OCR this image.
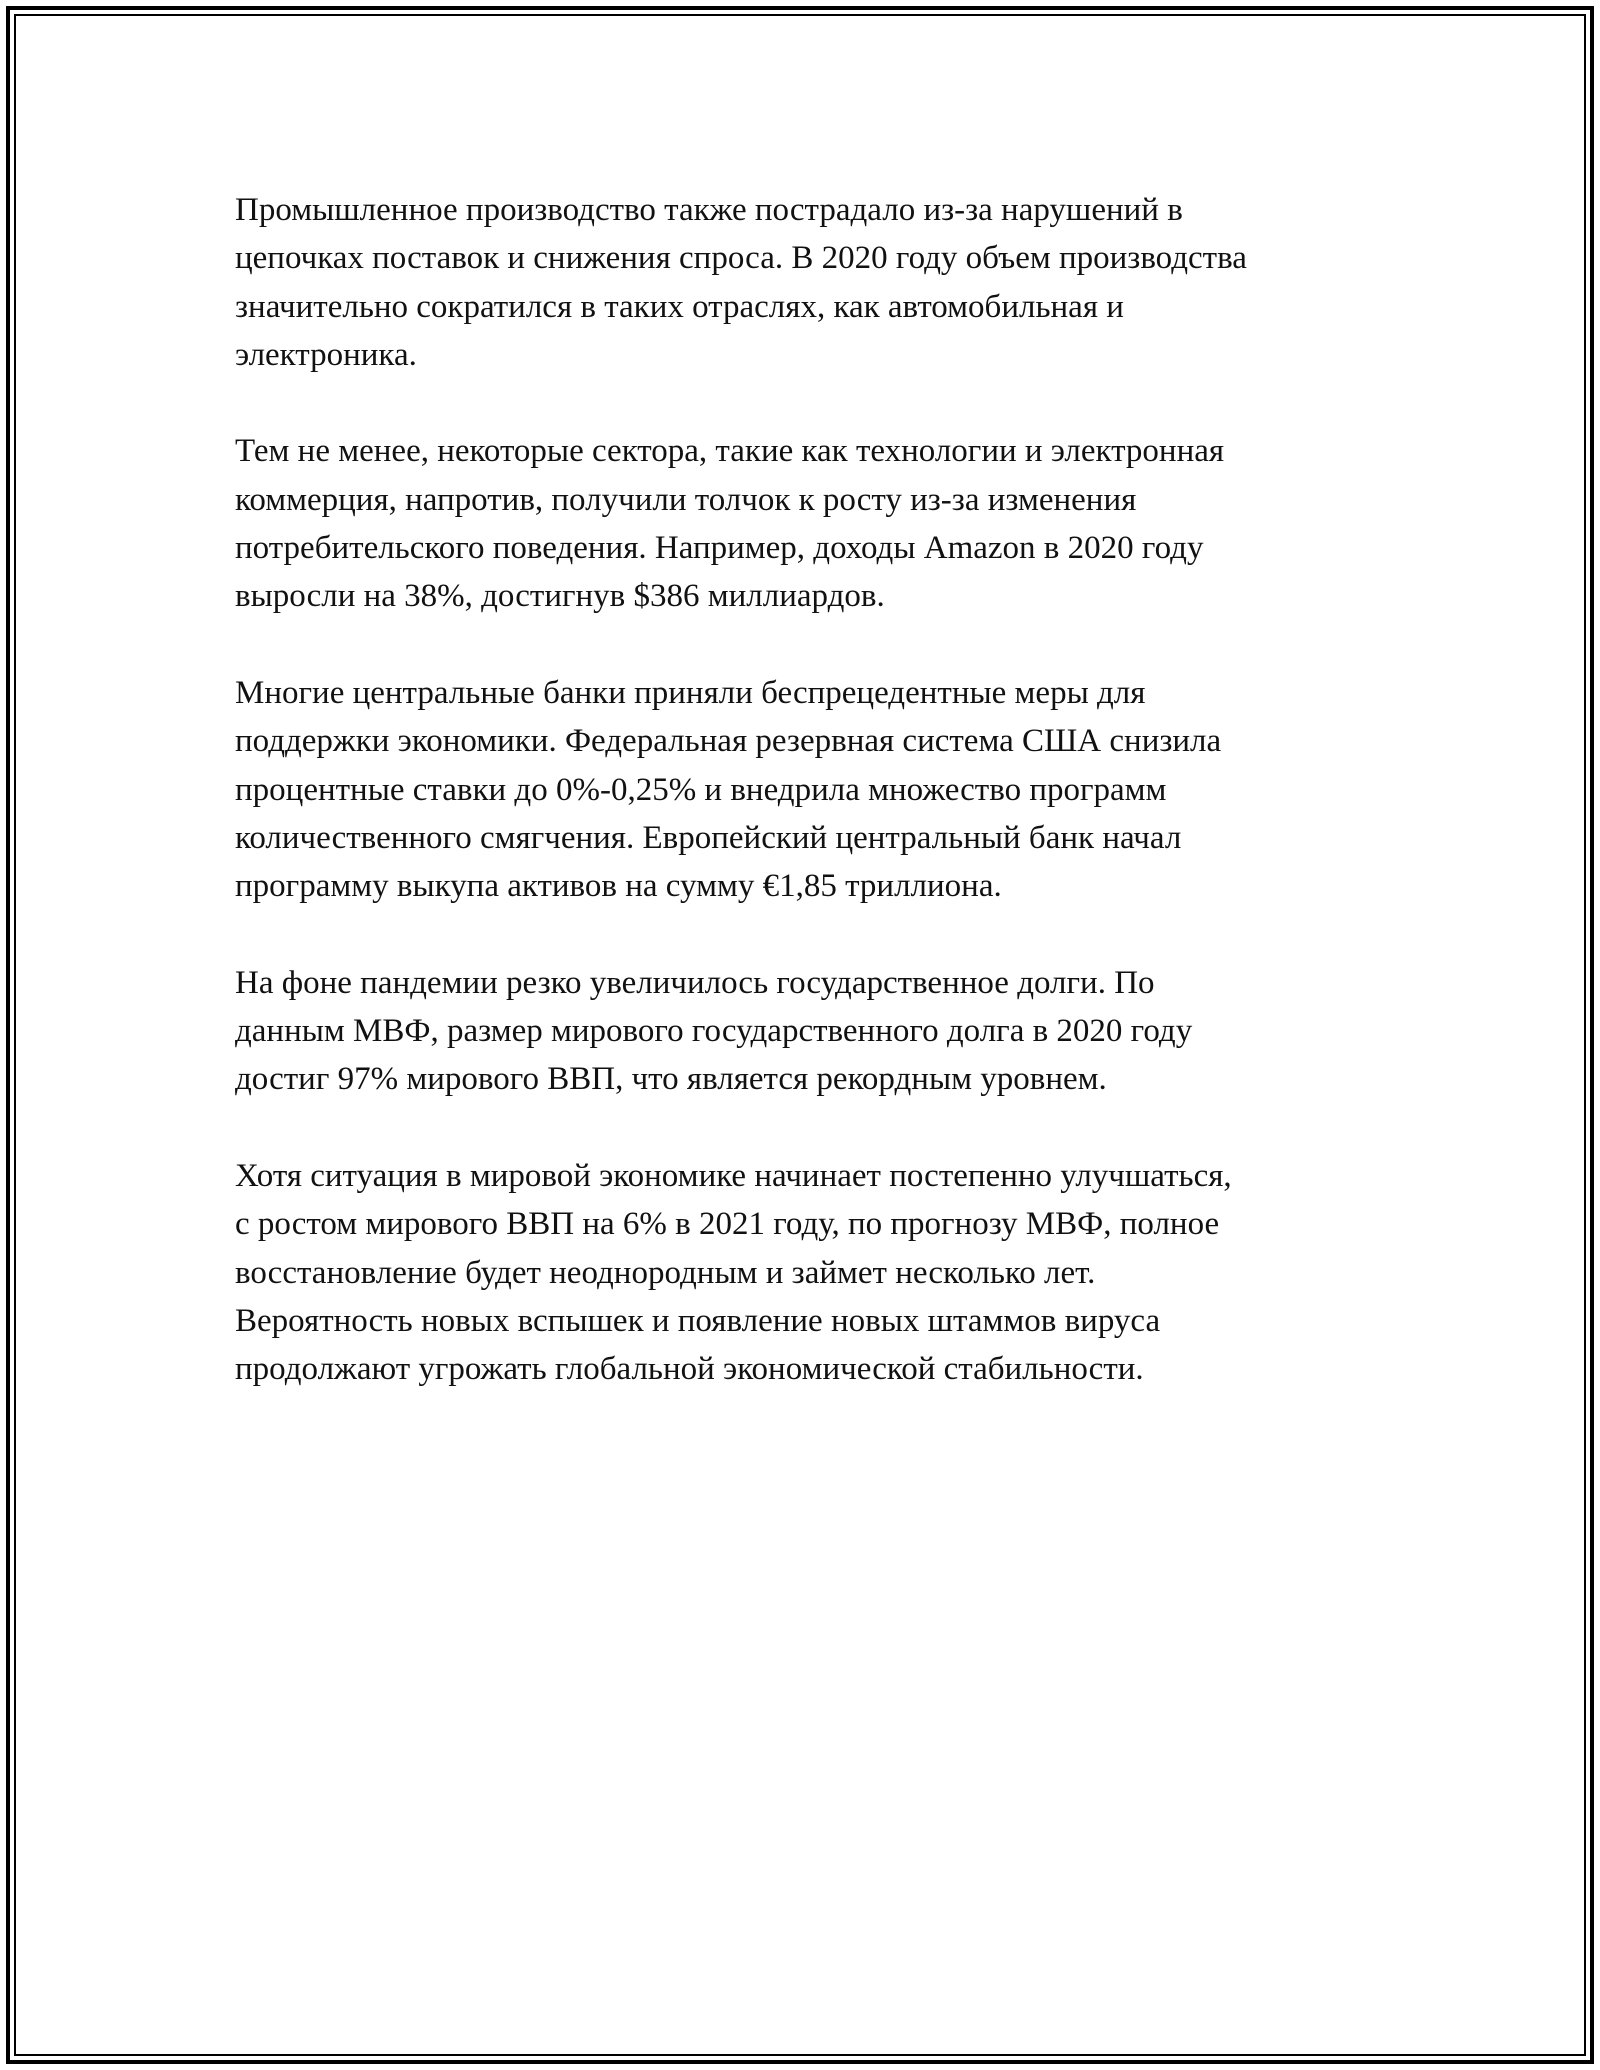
Промышленное производство также пострадало из-за нарушений в
цепочках поставок и снижения спроса. В 2020 году объем производства
значительно сократился в таких отраслях, как автомобильная и
электроника.

Тем не менее, некоторые сектора, такие как технологии и электронная
коммерция, напротив, получили толчок к росту из-за изменения
потребительского поведения. Например, доходы Amazon в 2020 году
выросли на 38%, достигнув $386 миллиардов.

Многие центральные банки приняли беспрецедентные меры для
поддержки экономики. Федеральная резервная система США снизила
процентные ставки до 0%-0,25% и внедрила множество программ
количественного смягчения. Европейский центральный банк начал
программу выкупа активов на сумму €1,85 триллиона.

На фоне пандемии резко увеличилось государственное долги. По
данным МВФ, размер мирового государственного долга в 2020 году
достиг 97% мирового ВВП, что является рекордным уровнем.

Хотя ситуация в мировой экономике начинает постепенно улучшаться,
с ростом мирового ВВП на 6% в 2021 году, по прогнозу МВФ, полное
восстановление будет неоднородным и займет несколько лет.
Вероятность новых вспышек и появление новых штаммов вируса
продолжают угрожать глобальной экономической стабильности.
